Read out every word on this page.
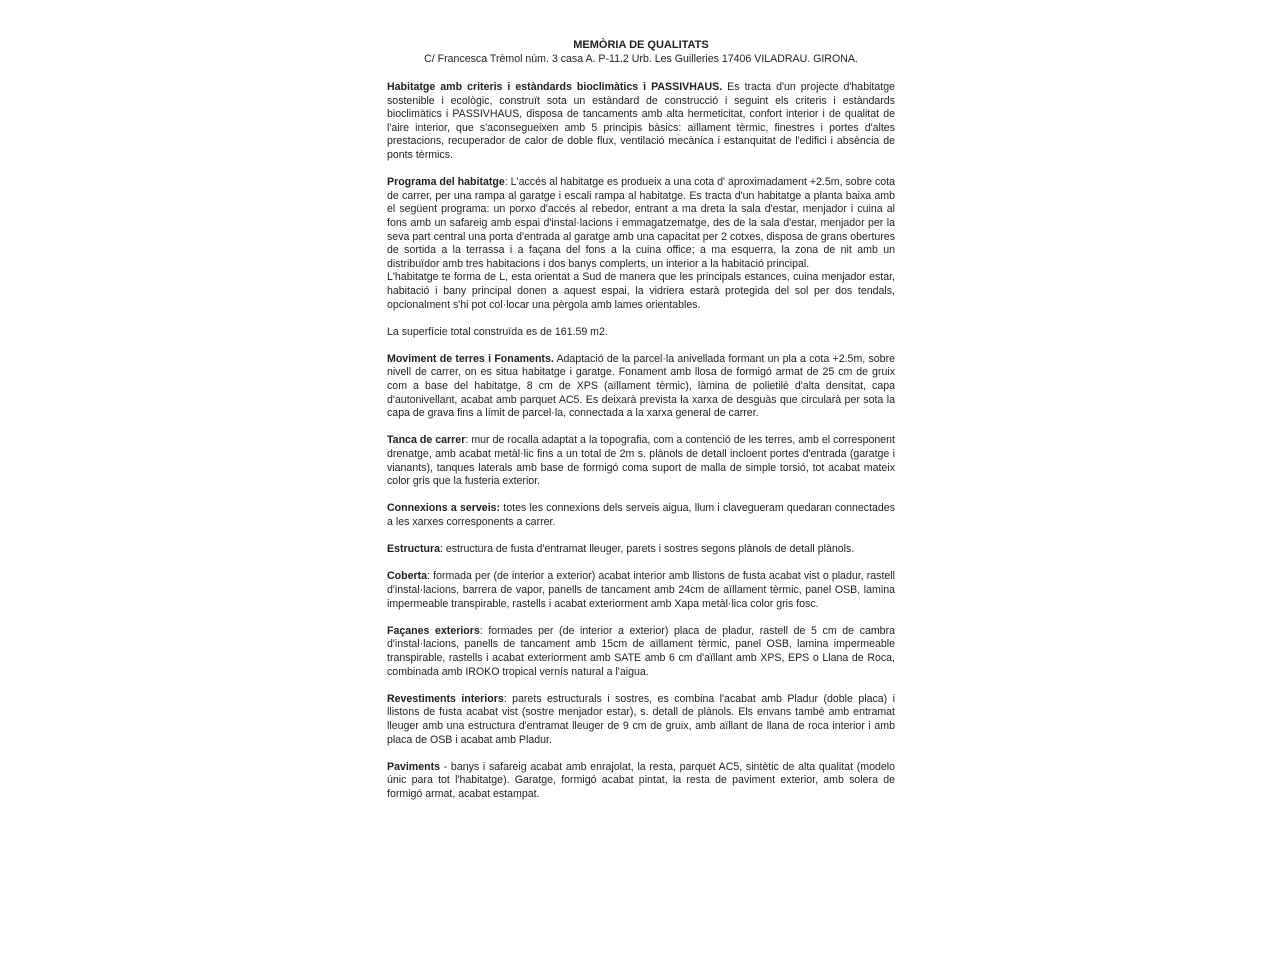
MEMÒRIA DE QUALITATS

C/ Francesca Trèmol núm. 3 casa A. P-11.2 Urb. Les Guilleries 17406 VILADRAU. GIRONA.

Habitatge amb criteris i estàndards bioclimàtics i PASSIVHAUS. Es tracta d'un projecte d'habitatge sostenible i ecològic, construït sota un estàndard de construcció i seguint els criteris i estàndards bioclimàtics i PASSIVHAUS, disposa de tancaments amb alta hermeticitat, confort interior i de qualitat de l'aire interior, que s'aconsegueixen amb 5 principis bàsics: aïllament tèrmic, finestres i portes d'altes prestacions, recuperador de calor de doble flux, ventilació mecànica i estanquitat de l'edifici i absència de ponts tèrmics.

Programa del habitatge: L'accés al habitatge es produeix a una cota d' aproximadament +2.5m, sobre cota de carrer, per una rampa al garatge i escali rampa al habitatge. Es tracta d'un habitatge a planta baixa amb el següent programa: un porxo d'accés al rebedor, entrant a ma dreta la sala d'estar, menjador i cuina al fons amb un safareig amb espai d'instal·lacions i emmagatzematge, des de la sala d'estar, menjador per la seva part central una porta d'entrada al garatge amb una capacitat per 2 cotxes, disposa de grans obertures de sortida a la terrassa i a façana del fons a la cuina office; a ma esquerra, la zona de nit amb un distribuïdor amb tres habitacions i dos banys complerts, un interior a la habitació principal.

L'habitatge te forma de L, esta orientat a Sud de manera que les principals estances, cuina menjador estar, habitació i bany principal donen a aquest espai, la vidriera estarà protegida del sol per dos tendals, opcionalment s'hi pot col·locar una pèrgola amb lames orientables.

La superfície total construïda es de 161.59 m2.

Moviment de terres i Fonaments. Adaptació de la parcel·la anivellada formant un pla a cota +2.5m, sobre nivell de carrer, on es situa habitatge i garatge. Fonament amb llosa de formigó armat de 25 cm de gruix com a base del habitatge, 8 cm de XPS (aïllament tèrmic), làmina de polietilè d'alta densitat, capa d'autonivellant, acabat amb parquet AC5. Es deixarà prevista la xarxa de desguàs que circularà per sota la capa de grava fins a límit de parcel·la, connectada a la xarxa general de carrer.

Tanca de carrer: mur de rocalla adaptat a la topografia, com a contenció de les terres, amb el corresponent drenatge, amb acabat metàl·lic fins a un total de 2m s. plànols de detall incloent portes d'entrada (garatge i vianants), tanques laterals amb base de formigó coma suport de malla de simple torsió, tot acabat mateix color gris que la fusteria exterior.

Connexions a serveis: totes les connexions dels serveis aigua, llum i clavegueram quedaran connectades a les xarxes corresponents a carrer.

Estructura: estructura de fusta d'entramat lleuger, parets i sostres segons plànols de detall plànols.

Coberta: formada per (de interior a exterior) acabat interior amb llistons de fusta acabat vist o pladur, rastell d'instal·lacions, barrera de vapor, panells de tancament amb 24cm de aïllament tèrmic, panel OSB, lamina impermeable transpirable, rastells i acabat exteriorment amb Xapa metàl·lica color gris fosc.

Façanes exteriors: formades per (de interior a exterior) placa de pladur, rastell de 5 cm de cambra d'instal·lacions, panells de tancament amb 15cm de aïllament tèrmic, panel OSB, lamina impermeable transpirable, rastells i acabat exteriorment amb SATE amb 6 cm d'aïllant amb XPS, EPS o Llana de Roca, combinada amb IROKO tropical vernís natural a l'aigua.

Revestiments interiors: parets estructurals i sostres, es combina l'acabat amb Pladur (doble placa) i llistons de fusta acabat vist (sostre menjador estar), s. detall de plànols. Els envans també amb entramat lleuger amb una estructura d'entramat lleuger de 9 cm de gruix, amb aïllant de llana de roca interior i amb placa de OSB i acabat amb Pladur.

Paviments - banys i safareig acabat amb enrajolat, la resta, parquet AC5, sintètic de alta qualitat (modelo únic para tot l'habitatge). Garatge, formigó acabat pintat, la resta de paviment exterior, amb solera de formigó armat, acabat estampat.
